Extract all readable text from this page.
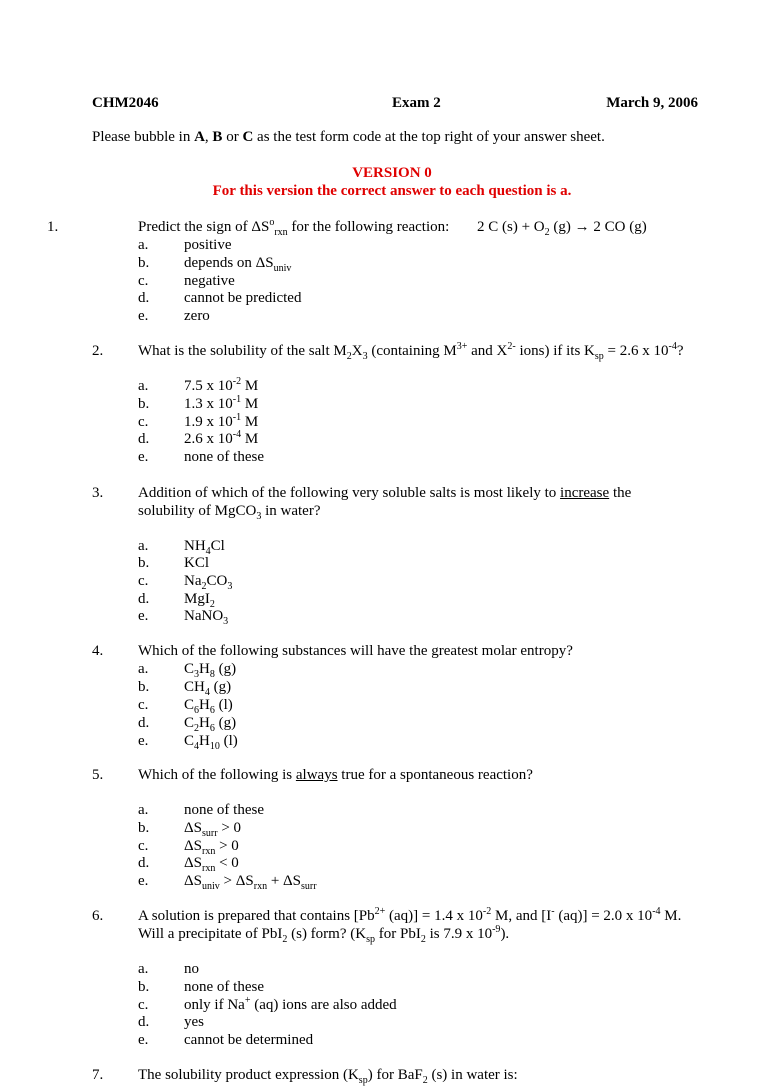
CHM2046	Exam 2	March 9, 2006
Please bubble in A, B or C as the test form code at the top right of your answer sheet.
VERSION 0
For this version the correct answer to each question is a.
1.	Predict the sign of $\Delta S^o_{rxn}$ for the following reaction:	2 C $(s) + O_2$ (g) → 2 CO (g)
a. positive
b. depends on $\Delta S_{univ}$
c. negative
d. cannot be predicted
e. zero
2. What is the solubility of the salt $M_2X_3$ (containing $M^{3+}$ and $X^{2-}$ ions) if its $K_{sp} = 2.6$ x $10^{-4}$?
a. 7.5 x $10^{-2}$ M
b. 1.3 x $10^{-1}$ M
c. 1.9 x $10^{-1}$ M
d. 2.6 x $10^{-4}$ M
e. none of these
3. Addition of which of the following very soluble salts is most likely to increase the
solubility of MgCO$_3$ in water?
a. $NH_4Cl$
b. KCl
c. $Na_2CO_3$
d. MgI$_2$
e. NaNO$_3$
4. Which of the following substances will have the greatest molar entropy?
a. $C_3H_8$ (g)
b. $CH_4$ (g)
c. $C_6H_6$ (l)
d. $C_2H_6$ (g)
e. $C_4H_{10}$ (l)
5. Which of the following is always true for a spontaneous reaction?
a. none of these
b. $\Delta S_{surr} > 0$
c. $\Delta S_{rxn} > 0$
d. $\Delta S_{rxn} < 0$
e. $\Delta S_{univ} > \Delta S_{rxn} + \Delta S_{surr}$
6. A solution is prepared that contains [$Pb^{2+}$ (aq)] = 1.4 x $10^{-2}$ M, and [I- (aq)] = 2.0 x $10^{-4}$ M.
Will a precipitate of PbI$_2$ (s) form? ($K_{sp}$ for PbI$_2$ is 7.9 x $10^{-9}$).
a. no
b. none of these
c. only if Na+ (aq) ions are also added
d. yes
e. cannot be determined
7. The solubility product expression $(K_{sp})$ for BaF$_2$ (s) in water is:
